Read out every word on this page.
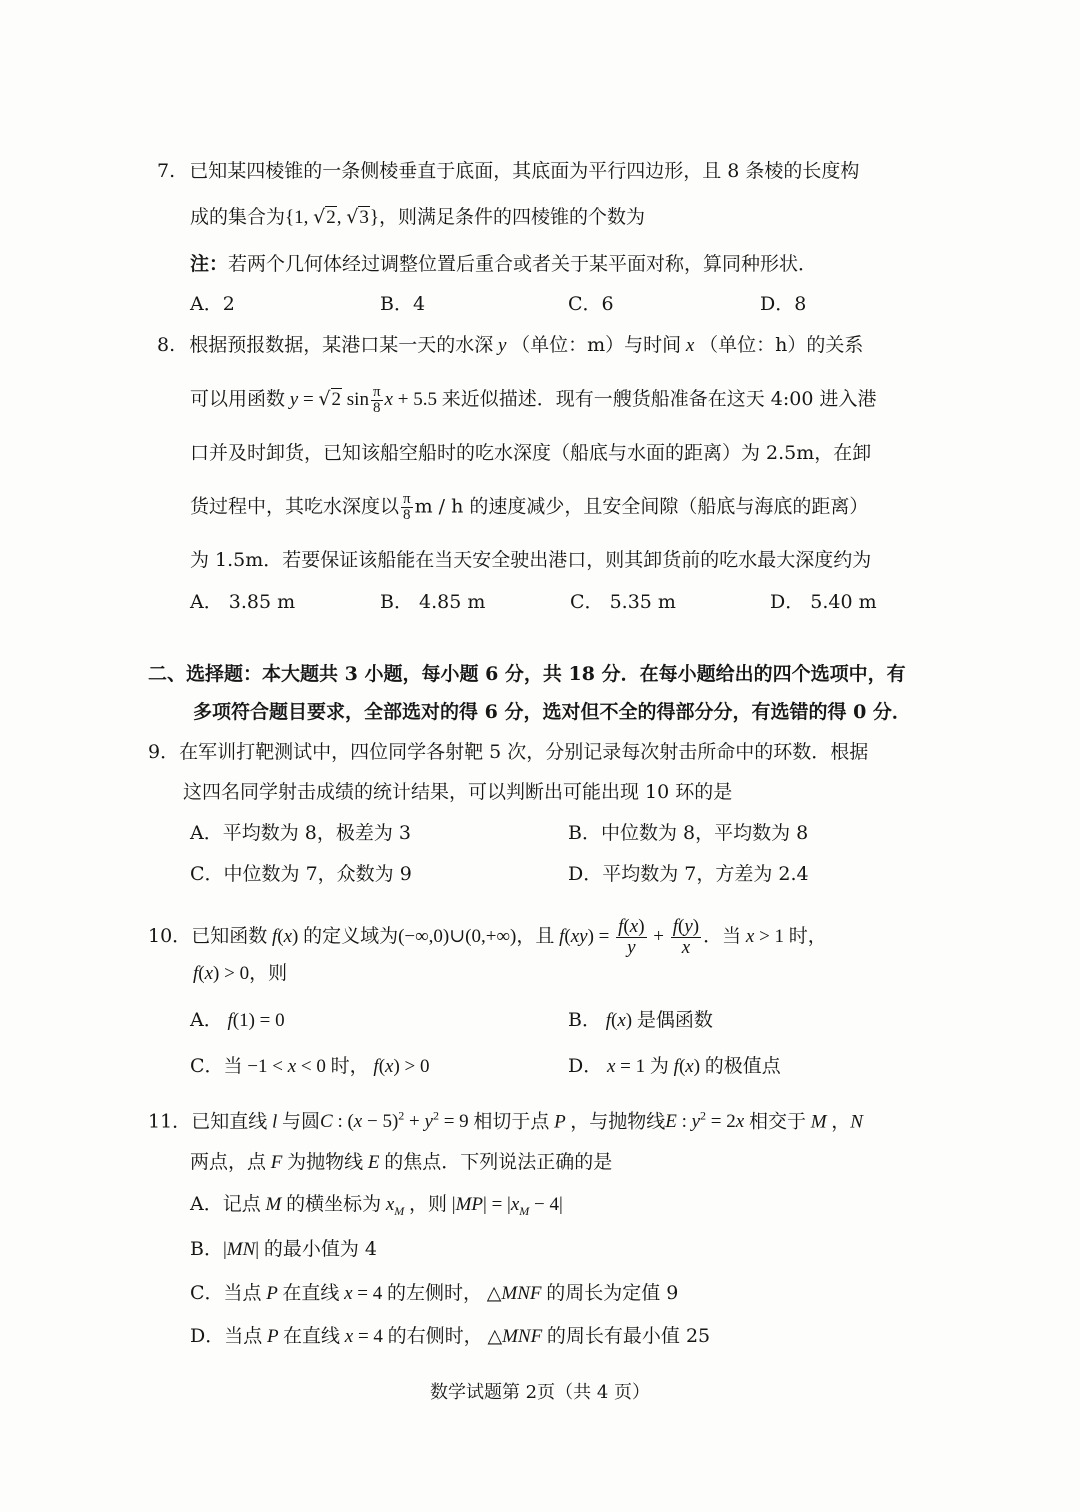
7. 已知某四棱锥的一条侧棱垂直于底面，其底面为平行四边形，且 8 条棱的长度构
成的集合为{1, √2, √3}，则满足条件的四棱锥的个数为
注：若两个几何体经过调整位置后重合或者关于某平面对称，算同种形状．
A．2	B．4	C．6	D．8
8. 根据预报数据，某港口某一天的水深 y （单位：m）与时间 x （单位：h）的关系
可以用函数 y = √2 $\sin \frac{\pi}{8}$ x + 5.5 来近似描述．现有一艘货船准备在这天 4:00 进入港
口并及时卸货，已知该船空船时的吃水深度（船底与水面的距离）为 2.5m，在卸
货过程中，其吃水深度以 $\frac{\pi}{8}$ m / h 的速度减少，且安全间隙（船底与海底的距离）
为 1.5m．若要保证该船能在当天安全驶出港口，则其卸货前的吃水最大深度约为
A． 3.85 m	B． 4.85 m	C． 5.35 m	D． 5.40 m
二、选择题：本大题共 3 小题，每小题 6 分，共 18 分．在每小题给出的四个选项中，有
多项符合题目要求，全部选对的得 6 分，选对但不全的得部分分，有选错的得 0 分．
9．在军训打靶测试中，四位同学各射靶 5 次，分别记录每次射击所命中的环数．根据
这四名同学射击成绩的统计结果，可以判断出可能出现 10 环的是
A．平均数为 8，极差为 3	B．中位数为 8，平均数为 8
C．中位数为 7，众数为 9	D．平均数为 7，方差为 2.4
10．已知函数 f(x) 的定义域为(−∞,0)∪(0,+∞)，且 $f(xy) = \frac{f(x)}{y} + \frac{f(y)}{x}$ ．当 x > 1 时，
f(x) > 0，则
A． f(1) = 0	B． f(x) 是偶函数
C．当 −1 < x < 0 时， f(x) > 0	D． x = 1 为 f(x) 的极值点
11．已知直线 l 与圆C : $(x - 5)^2 + y^2 = 9$ 相切于点 P ，与抛物线E : $y^2 = 2x$ 相交于 M ，N
两点，点 F 为抛物线 E 的焦点．下列说法正确的是
A．记点 M 的横坐标为 $x_M$ ，则 $|MP| = |x_M - 4|$
B．|MN| 的最小值为 4
C．当点 P 在直线 x = 4 的左侧时， △MNF 的周长为定值 9
D．当点 P 在直线 x = 4 的右侧时， △MNF 的周长有最小值 25
数学试题第 2页（共 4 页）
